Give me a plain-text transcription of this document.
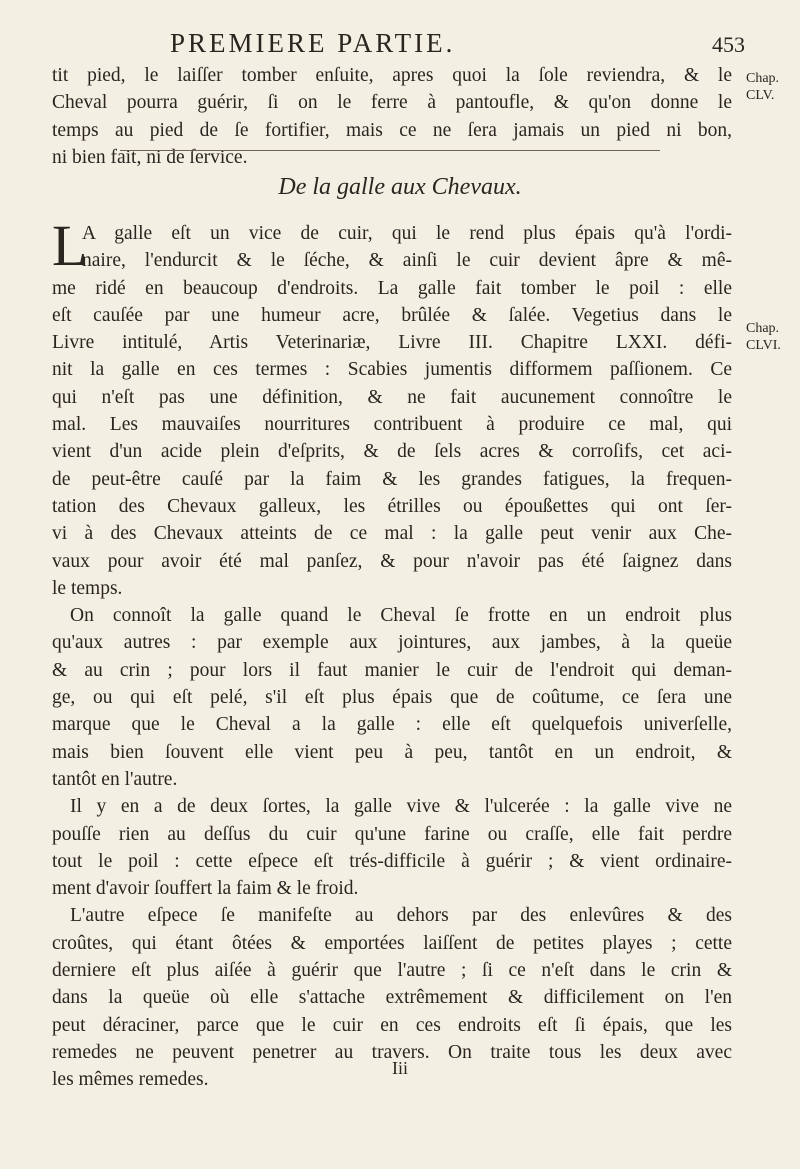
PREMIERE PARTIE.	453
Chap.
CLV.
Chap.
CLVI.
tit pied, le laiſſer tomber enſuite, apres quoi la ſole reviendra, & le
Cheval pourra guérir, ſi on le ferre à pantoufle, & qu'on donne le
temps au pied de ſe fortifier, mais ce ne ſera jamais un pied ni bon,
ni bien fait, ni de ſervice.
De la galle aux Chevaux.
L
A galle eſt un vice de cuir, qui le rend plus épais qu'à l'ordi-
naire, l'endurcit & le ſéche, & ainſi le cuir devient âpre & mê-
me ridé en beaucoup d'endroits. La galle fait tomber le poil : elle
eſt cauſée par une humeur acre, brûlée & ſalée. Vegetius dans le
Livre intitulé, Artis Veterinariæ, Livre III. Chapitre LXXI. défi-
nit la galle en ces termes : Scabies jumentis difformem paſſionem. Ce
qui n'eſt pas une définition, & ne fait aucunement connoître le
mal. Les mauvaiſes nourritures contribuent à produire ce mal, qui
vient d'un acide plein d'eſprits, & de ſels acres & corroſifs, cet aci-
de peut-être cauſé par la faim & les grandes fatigues, la frequen-
tation des Chevaux galleux, les étrilles ou époußettes qui ont ſer-
vi à des Chevaux atteints de ce mal : la galle peut venir aux Che-
vaux pour avoir été mal panſez, & pour n'avoir pas été ſaignez dans
le temps.
On connoît la galle quand le Cheval ſe frotte en un endroit plus
qu'aux autres : par exemple aux jointures, aux jambes, à la queüe
& au crin ; pour lors il faut manier le cuir de l'endroit qui deman-
ge, ou qui eſt pelé, s'il eſt plus épais que de coûtume, ce ſera une
marque que le Cheval a la galle : elle eſt quelquefois univerſelle,
mais bien ſouvent elle vient peu à peu, tantôt en un endroit, &
tantôt en l'autre.
Il y en a de deux ſortes, la galle vive & l'ulcerée : la galle vive ne
pouſſe rien au deſſus du cuir qu'une farine ou craſſe, elle fait perdre
tout le poil : cette eſpece eſt trés-difficile à guérir ; & vient ordinaire-
ment d'avoir ſouffert la faim & le froid.
L'autre eſpece ſe manifeſte au dehors par des enlevûres & des
croûtes, qui étant ôtées & emportées laiſſent de petites playes ; cette
derniere eſt plus aiſée à guérir que l'autre ; ſi ce n'eſt dans le crin &
dans la queüe où elle s'attache extrêmement & difficilement on l'en
peut déraciner, parce que le cuir en ces endroits eſt ſi épais, que les
remedes ne peuvent penetrer au travers. On traite tous les deux avec
les mêmes remedes.
Iii
